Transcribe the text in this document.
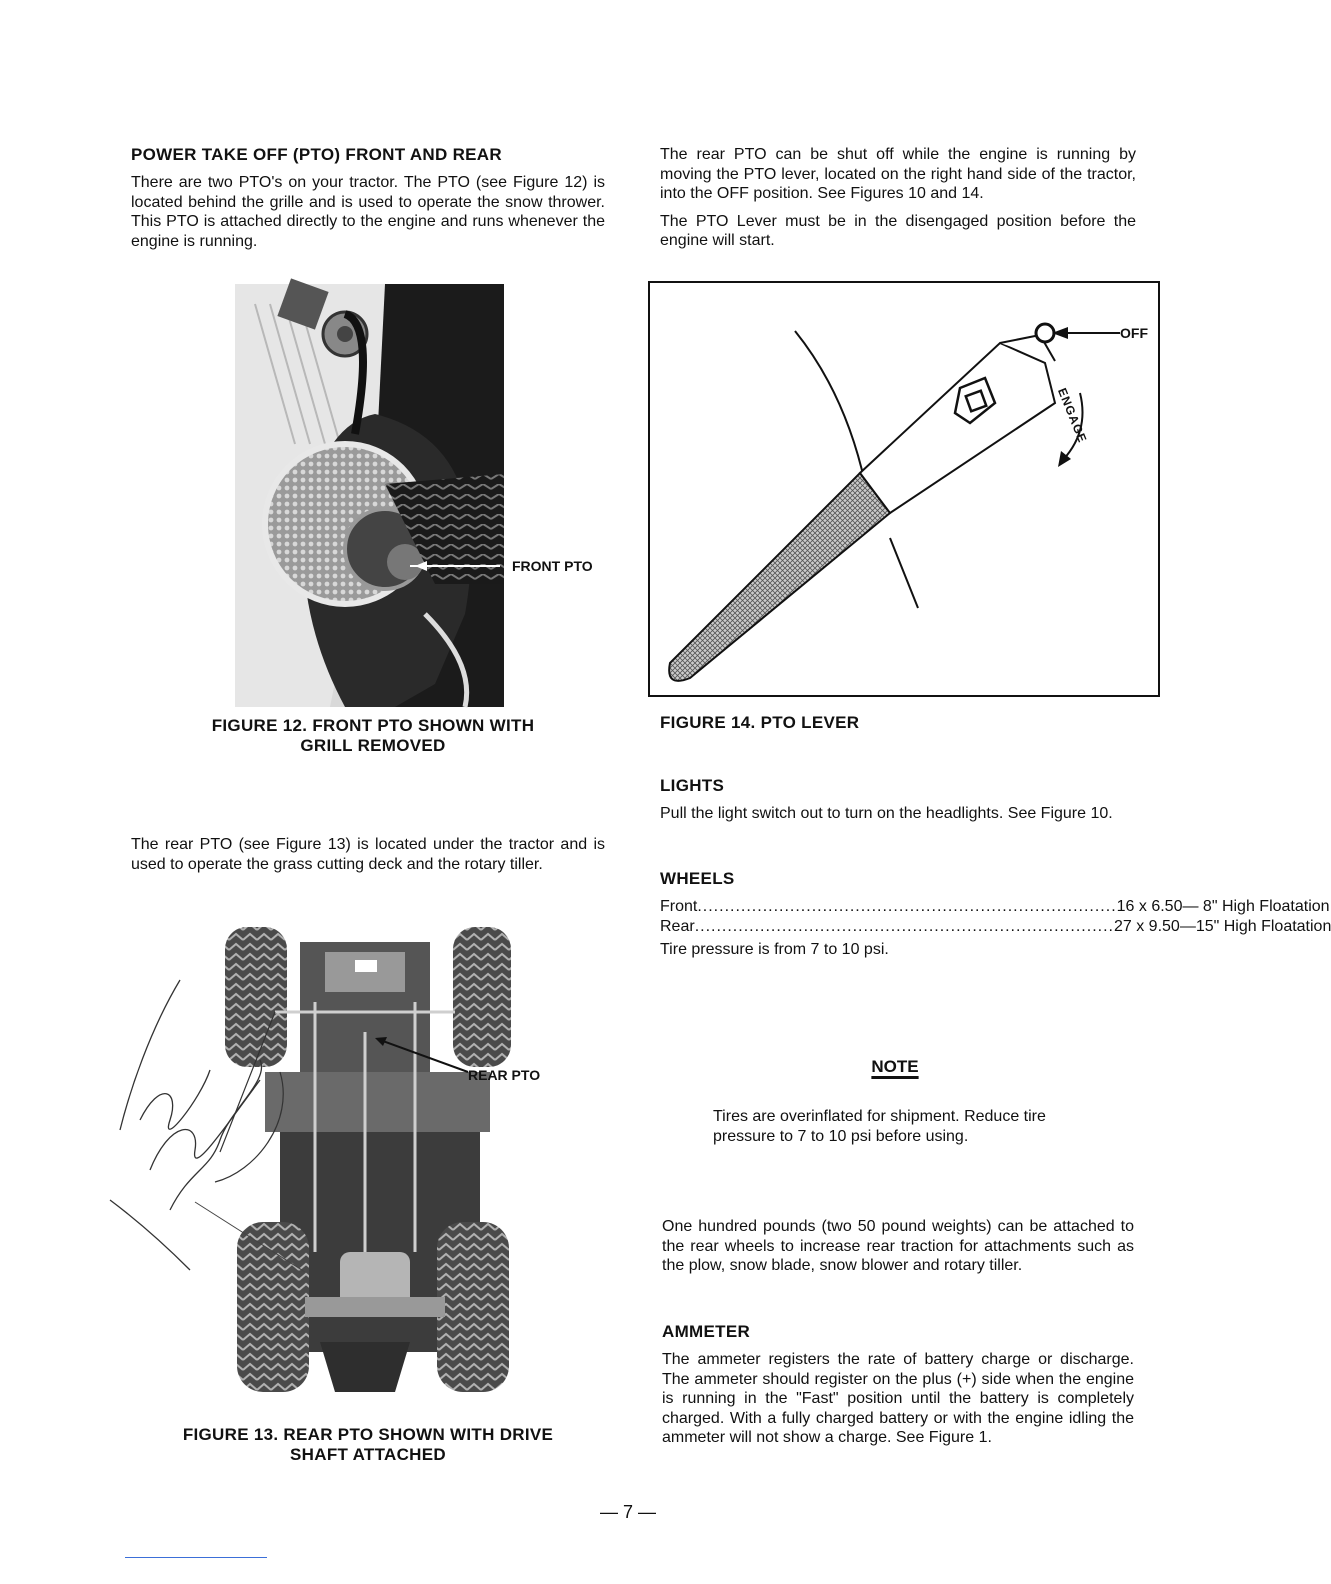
POWER TAKE OFF (PTO) FRONT AND REAR

There are two PTO's on your tractor. The PTO (see Figure 12) is located behind the grille and is used to operate the snow thrower. This PTO is attached directly to the engine and runs whenever the engine is running.

FRONT PTO
FIGURE 12. FRONT PTO SHOWN WITH
GRILL REMOVED

The rear PTO (see Figure 13) is located under the tractor and is used to operate the grass cutting deck and the rotary tiller.

REAR PTO
FIGURE 13. REAR PTO SHOWN WITH DRIVE
SHAFT ATTACHED

The rear PTO can be shut off while the engine is running by moving the PTO lever, located on the right hand side of the tractor, into the OFF position. See Figures 10 and 14.

The PTO Lever must be in the disengaged position before the engine will start.

OFF
ENGAGE
FIGURE 14. PTO LEVER
LIGHTS

Pull the light switch out to turn on the headlights. See Figure 10.

WHEELS
Front ............................................................................. 16 x 6.50— 8" High Floatation
Rear ............................................................................. 27 x 9.50—15" High Floatation

Tire pressure is from 7 to 10 psi.

NOTE

Tires are overinflated for shipment. Reduce tire pressure to 7 to 10 psi before using.

One hundred pounds (two 50 pound weights) can be attached to the rear wheels to increase rear traction for attachments such as the plow, snow blade, snow blower and rotary tiller.

AMMETER

The ammeter registers the rate of battery charge or discharge. The ammeter should register on the plus (+) side when the engine is running in the "Fast" position until the battery is completely charged. With a fully charged battery or with the engine idling the ammeter will not show a charge. See Figure 1.

— 7 —
